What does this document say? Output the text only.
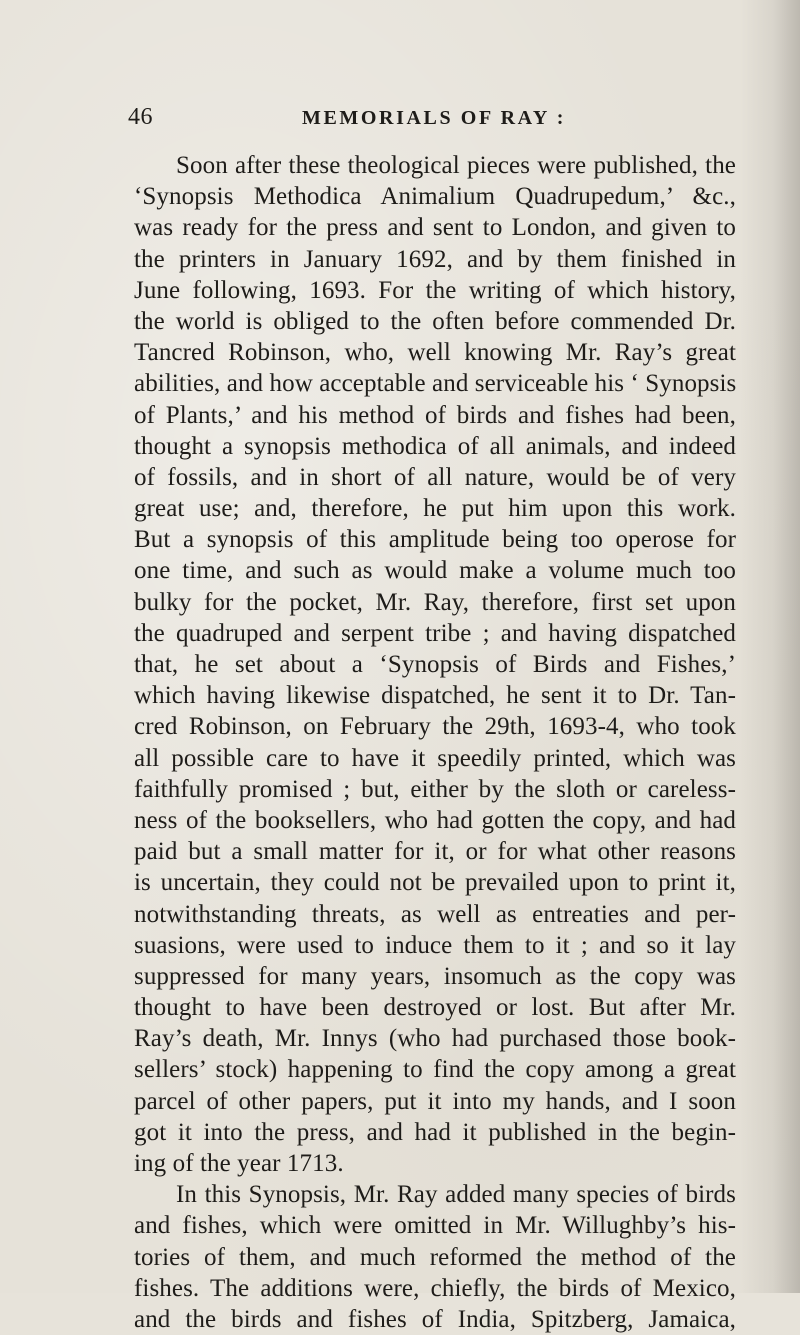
46	MEMORIALS OF RAY :
Soon after these theological pieces were published, the
‘Synopsis Methodica Animalium Quadrupedum,’ &c.,
was ready for the press and sent to London, and given to
the printers in January 1692, and by them finished in
June following, 1693. For the writing of which history,
the world is obliged to the often before commended Dr.
Tancred Robinson, who, well knowing Mr. Ray’s great
abilities, and how acceptable and serviceable his ‘ Synopsis
of Plants,’ and his method of birds and fishes had been,
thought a synopsis methodica of all animals, and indeed
of fossils, and in short of all nature, would be of very
great use; and, therefore, he put him upon this work.
But a synopsis of this amplitude being too operose for
one time, and such as would make a volume much too
bulky for the pocket, Mr. Ray, therefore, first set upon
the quadruped and serpent tribe ; and having dispatched
that, he set about a ‘Synopsis of Birds and Fishes,’
which having likewise dispatched, he sent it to Dr. Tan-
cred Robinson, on February the 29th, 1693-4, who took
all possible care to have it speedily printed, which was
faithfully promised ; but, either by the sloth or careless-
ness of the booksellers, who had gotten the copy, and had
paid but a small matter for it, or for what other reasons
is uncertain, they could not be prevailed upon to print it,
notwithstanding threats, as well as entreaties and per-
suasions, were used to induce them to it ; and so it lay
suppressed for many years, insomuch as the copy was
thought to have been destroyed or lost. But after Mr.
Ray’s death, Mr. Innys (who had purchased those book-
sellers’ stock) happening to find the copy among a great
parcel of other papers, put it into my hands, and I soon
got it into the press, and had it published in the begin-
ing of the year 1713.
In this Synopsis, Mr. Ray added many species of birds
and fishes, which were omitted in Mr. Willughby’s his-
tories of them, and much reformed the method of the
fishes. The additions were, chiefly, the birds of Mexico,
and the birds and fishes of India, Spitzberg, Jamaica,
